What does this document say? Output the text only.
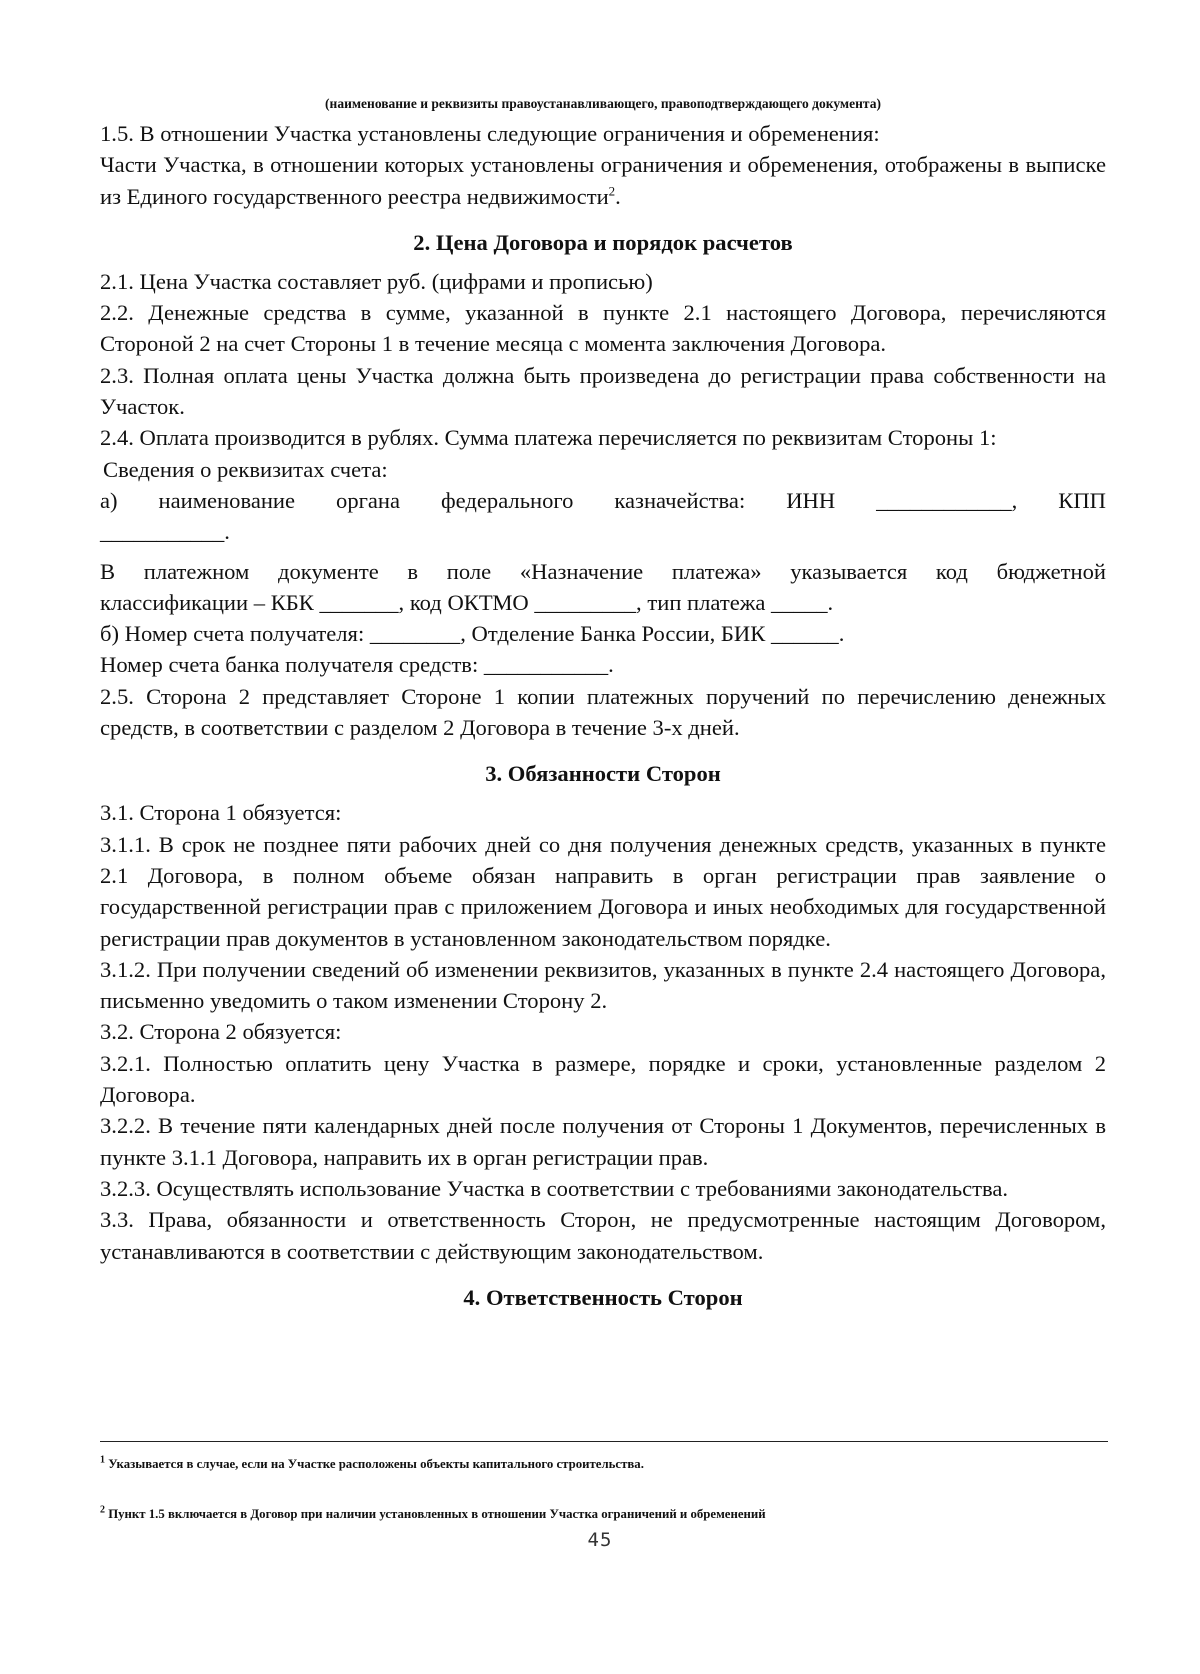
(наименование и реквизиты правоустанавливающего, правоподтверждающего документа)

1.5. В отношении Участка установлены следующие ограничения и обременения:

Части Участка, в отношении которых установлены ограничения и обременения, отображены в выписке из Единого государственного реестра недвижимости$^2$.

2. Цена Договора и порядок расчетов

2.1. Цена Участка составляет руб. (цифрами и прописью)

2.2. Денежные средства в сумме, указанной в пункте 2.1 настоящего Договора, перечисляются Стороной 2 на счет Стороны 1 в течение месяца с момента заключения Договора.

2.3. Полная оплата цены Участка должна быть произведена до регистрации права собственности на Участок.

2.4. Оплата производится в рублях. Сумма платежа перечисляется по реквизитам Стороны 1:

Сведения о реквизитах счета:

а) наименование органа федерального казначейства: ИНН ____________, КПП

___________.

В платежном документе в поле «Назначение платежа» указывается код бюджетной

классификации – КБК _______, код ОКТМО _________, тип платежа _____.

б) Номер счета получателя: ________, Отделение Банка России, БИК ______.

Номер счета банка получателя средств: ___________.

2.5. Сторона 2 представляет Стороне 1 копии платежных поручений по перечислению денежных средств, в соответствии с разделом 2 Договора в течение 3-х дней.

3. Обязанности Сторон

3.1. Сторона 1 обязуется:

3.1.1. В срок не позднее пяти рабочих дней со дня получения денежных средств, указанных в пункте 2.1 Договора, в полном объеме обязан направить в орган регистрации прав заявление о государственной регистрации прав с приложением Договора и иных необходимых для государственной регистрации прав документов в установленном законодательством порядке.

3.1.2. При получении сведений об изменении реквизитов, указанных в пункте 2.4 настоящего Договора, письменно уведомить о таком изменении Сторону 2.

3.2. Сторона 2 обязуется:

3.2.1. Полностью оплатить цену Участка в размере, порядке и сроки, установленные разделом 2 Договора.

3.2.2. В течение пяти календарных дней после получения от Стороны 1 Документов, перечисленных в пункте 3.1.1 Договора, направить их в орган регистрации прав.

3.2.3. Осуществлять использование Участка в соответствии с требованиями законодательства.

3.3. Права, обязанности и ответственность Сторон, не предусмотренные настоящим Договором, устанавливаются в соответствии с действующим законодательством.

4. Ответственность Сторон
$^1$ Указывается в случае, если на Участке расположены объекты капитального строительства.
$^2$ Пункт 1.5 включается в Договор при наличии установленных в отношении Участка ограничений и обременений
45
